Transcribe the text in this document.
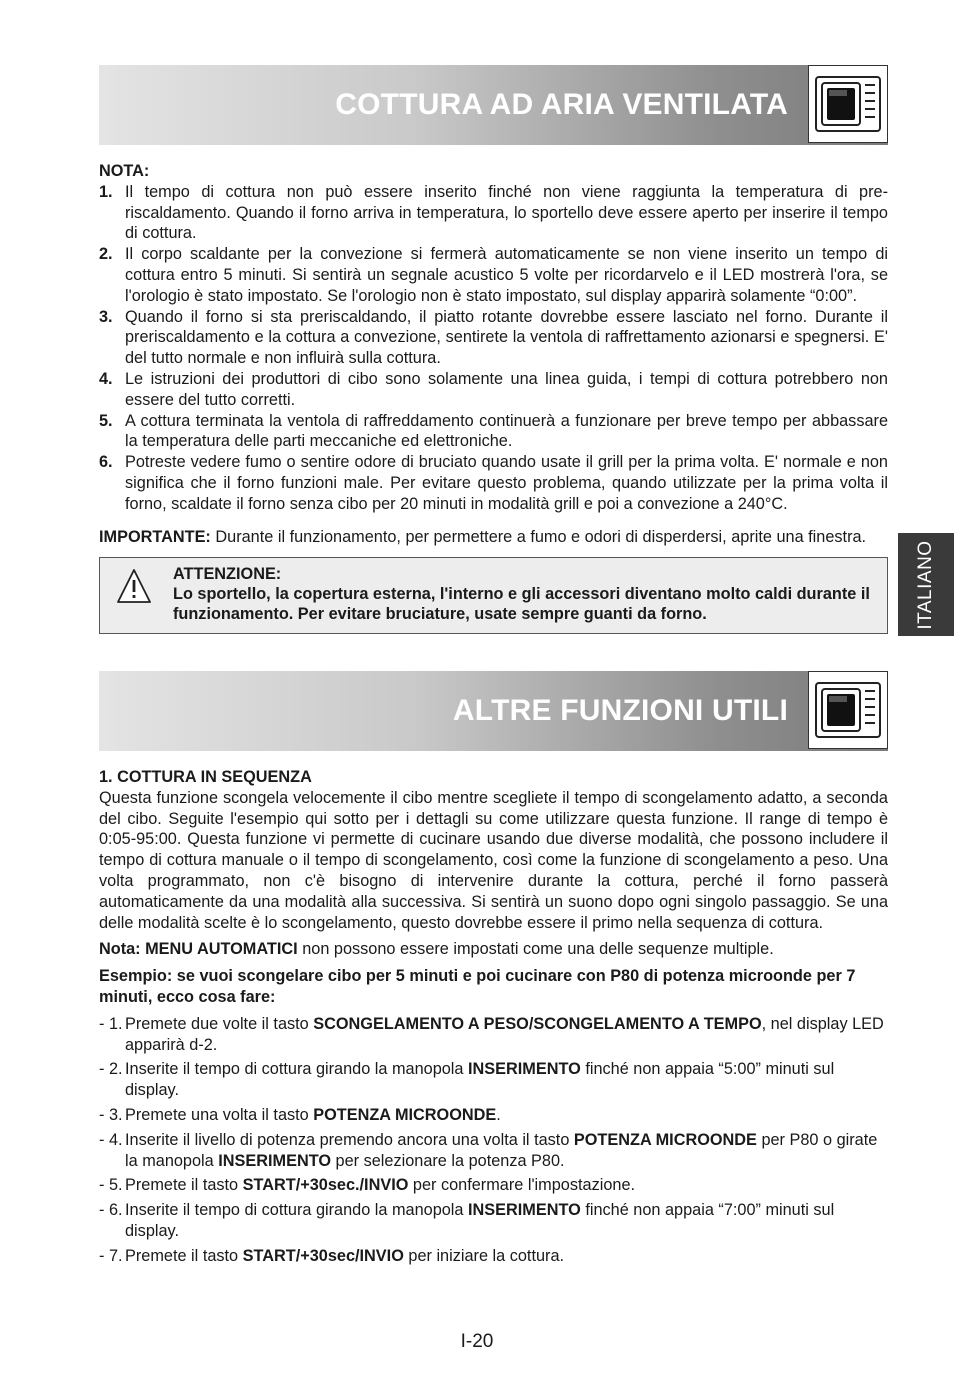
COTTURA AD ARIA VENTILATA
NOTA:
1. Il tempo di cottura non può essere inserito finché non viene raggiunta la temperatura di pre-riscaldamento. Quando il forno arriva in temperatura, lo sportello deve essere aperto per inserire il tempo di cottura.
2. Il corpo scaldante per la convezione si fermerà automaticamente se non viene inserito un tempo di cottura entro 5 minuti. Si sentirà un segnale acustico 5 volte per ricordarvelo e il LED mostrerà l'ora, se l'orologio è stato impostato. Se l'orologio non è stato impostato, sul display apparirà solamente “0:00”.
3. Quando il forno si sta preriscaldando, il piatto rotante dovrebbe essere lasciato nel forno. Durante il preriscaldamento e la cottura a convezione, sentirete la ventola di raffrettamento azionarsi e spegnersi. E' del tutto normale e non influirà sulla cottura.
4. Le istruzioni dei produttori di cibo sono solamente una linea guida, i tempi di cottura potrebbero non essere del tutto corretti.
5. A cottura terminata la ventola di raffreddamento continuerà a funzionare per breve tempo per abbassare la temperatura delle parti meccaniche ed elettroniche.
6. Potreste vedere fumo o sentire odore di bruciato quando usate il grill per la prima volta. E' normale e non significa che il forno funzioni male. Per evitare questo problema, quando utilizzate per la prima volta il forno, scaldate il forno senza cibo per 20 minuti in modalità grill e poi a convezione a 240°C.
IMPORTANTE: Durante il funzionamento, per permettere a fumo e odori di disperdersi, aprite una finestra.
ATTENZIONE:
Lo sportello, la copertura esterna, l'interno e gli accessori diventano molto caldi durante il funzionamento. Per evitare bruciature, usate sempre guanti da forno.	ITALIANO
ALTRE FUNZIONI UTILI
1. COTTURA IN SEQUENZA
Questa funzione scongela velocemente il cibo mentre scegliete il tempo di scongelamento adatto, a seconda del cibo. Seguite l'esempio qui sotto per i dettagli su come utilizzare questa funzione. Il range di tempo è 0:05-95:00. Questa funzione vi permette di cucinare usando due diverse modalità, che possono includere il tempo di cottura manuale o il tempo di scongelamento, così come la funzione di scongelamento a peso. Una volta programmato, non c'è bisogno di intervenire durante la cottura, perché il forno passerà automaticamente da una modalità alla successiva. Si sentirà un suono dopo ogni singolo passaggio. Se una delle modalità scelte è lo scongelamento, questo dovrebbe essere il primo nella sequenza di cottura.
Nota: MENU AUTOMATICI non possono essere impostati come una delle sequenze multiple.
Esempio: se vuoi scongelare cibo per 5 minuti e poi cucinare con P80 di potenza microonde per 7 minuti, ecco cosa fare:
- 1. Premete due volte il tasto SCONGELAMENTO A PESO/SCONGELAMENTO A TEMPO, nel display LED apparirà d-2.
- 2. Inserite il tempo di cottura girando la manopola INSERIMENTO finché non appaia “5:00” minuti sul display.
- 3. Premete una volta il tasto POTENZA MICROONDE.
- 4. Inserite il livello di potenza premendo ancora una volta il tasto POTENZA MICROONDE per P80 o girate la manopola INSERIMENTO per selezionare la potenza P80.
- 5. Premete il tasto START/+30sec./INVIO per confermare l'impostazione.
- 6. Inserite il tempo di cottura girando la manopola INSERIMENTO finché non appaia “7:00” minuti sul display.
- 7. Premete il tasto START/+30sec/INVIO per iniziare la cottura.
I-20
